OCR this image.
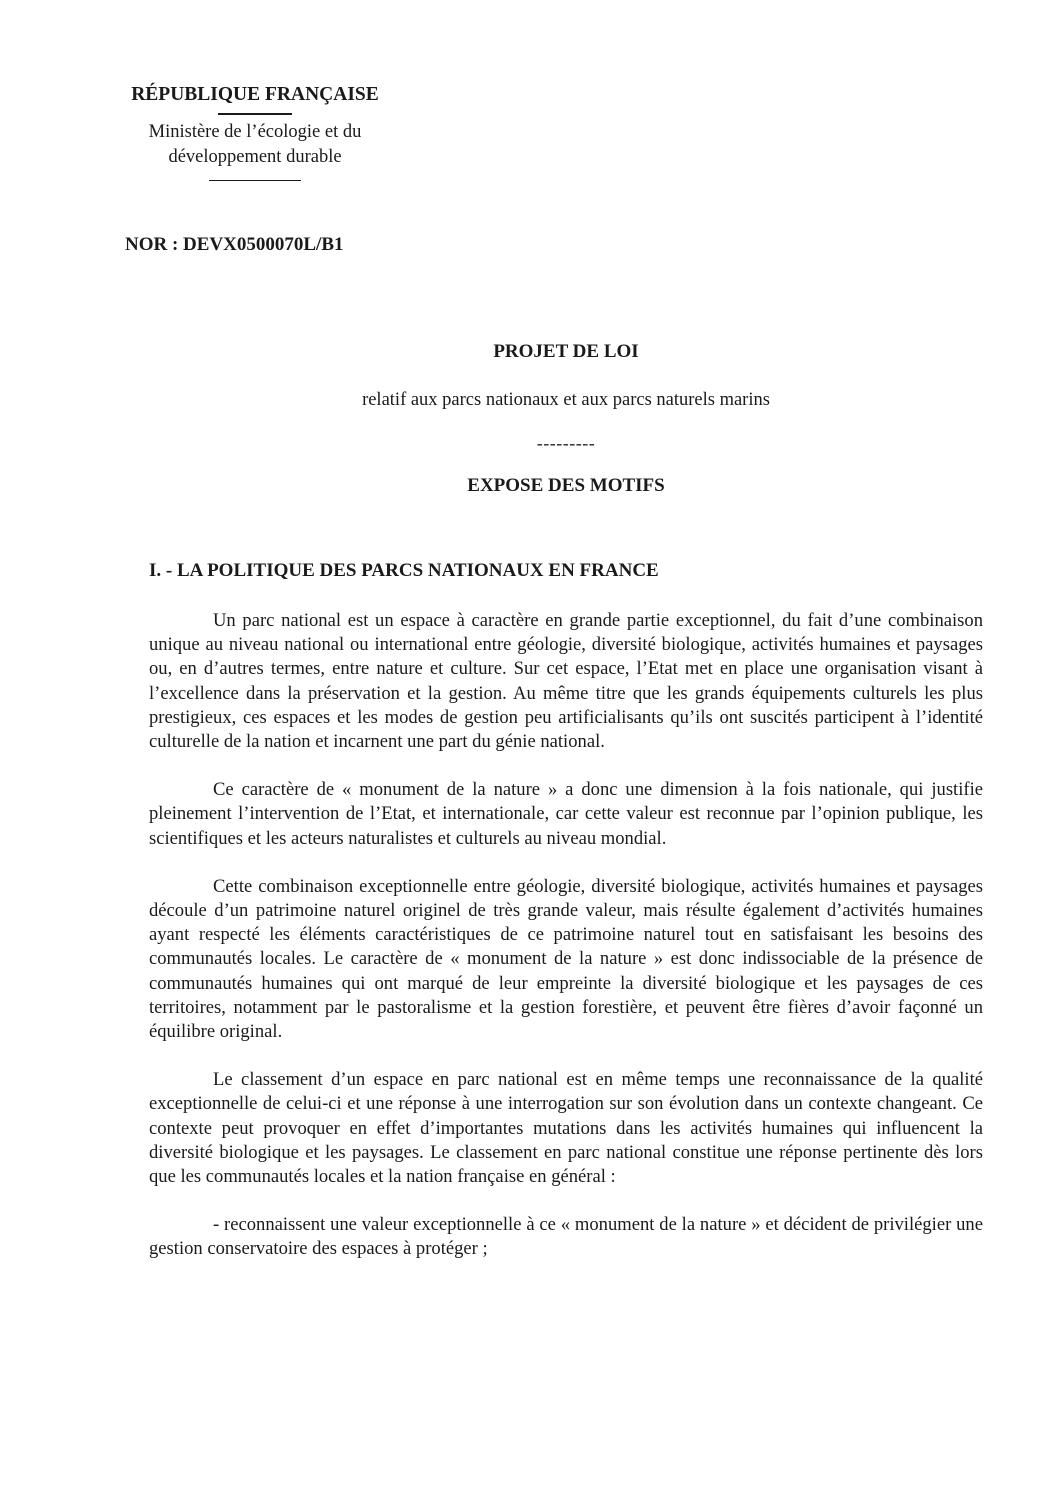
RÉPUBLIQUE FRANÇAISE
Ministère de l’écologie et du
développement durable
NOR : DEVX0500070L/B1
PROJET DE LOI
relatif aux parcs nationaux et aux parcs naturels marins
---------
EXPOSE DES MOTIFS
I. - LA POLITIQUE DES PARCS NATIONAUX EN FRANCE

Un parc national est un espace à caractère en grande partie exceptionnel, du fait d’une combinaison unique au niveau national ou international entre géologie, diversité biologique, activités humaines et paysages ou, en d’autres termes, entre nature et culture. Sur cet espace, l’Etat met en place une organisation visant à l’excellence dans la préservation et la gestion. Au même titre que les grands équipements culturels les plus prestigieux, ces espaces et les modes de gestion peu artificialisants qu’ils ont suscités participent à l’identité culturelle de la nation et incarnent une part du génie national.

Ce caractère de « monument de la nature » a donc une dimension à la fois nationale, qui justifie pleinement l’intervention de l’Etat, et internationale, car cette valeur est reconnue par l’opinion publique, les scientifiques et les acteurs naturalistes et culturels au niveau mondial.

Cette combinaison exceptionnelle entre géologie, diversité biologique, activités humaines et paysages découle d’un patrimoine naturel originel de très grande valeur, mais résulte également d’activités humaines ayant respecté les éléments caractéristiques de ce patrimoine naturel tout en satisfaisant les besoins des communautés locales. Le caractère de « monument de la nature » est donc indissociable de la présence de communautés humaines qui ont marqué de leur empreinte la diversité biologique et les paysages de ces territoires, notamment par le pastoralisme et la gestion forestière, et peuvent être fières d’avoir façonné un équilibre original.

Le classement d’un espace en parc national est en même temps une reconnaissance de la qualité exceptionnelle de celui-ci et une réponse à une interrogation sur son évolution dans un contexte changeant. Ce contexte peut provoquer en effet d’importantes mutations dans les activités humaines qui influencent la diversité biologique et les paysages. Le classement en parc national constitue une réponse pertinente dès lors que les communautés locales et la nation française en général :

- reconnaissent une valeur exceptionnelle à ce « monument de la nature » et décident de privilégier une gestion conservatoire des espaces à protéger ;
